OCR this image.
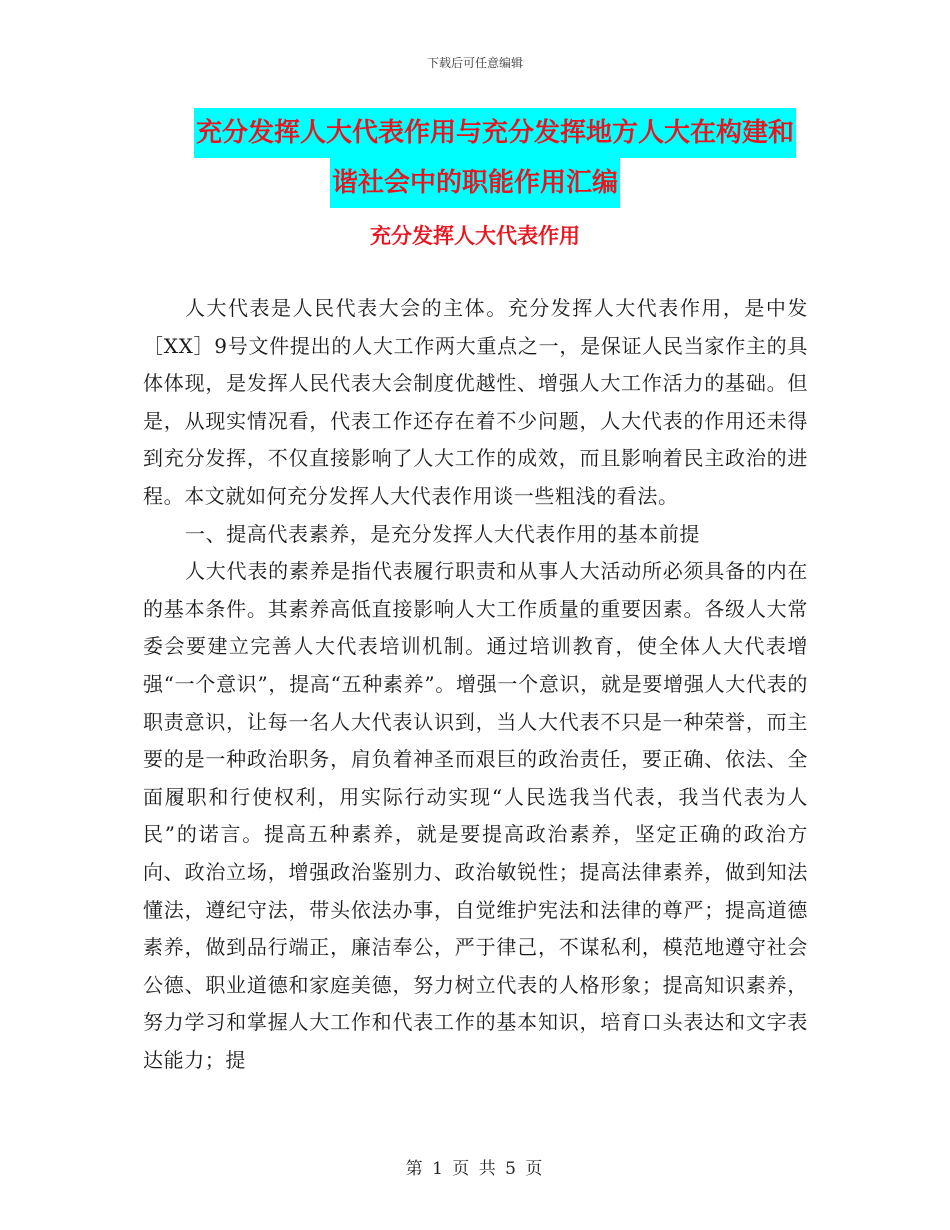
下载后可任意编辑
充分发挥人大代表作用与充分发挥地方人大在构建和
谐社会中的职能作用汇编
充分发挥人大代表作用

人大代表是人民代表大会的主体。充分发挥人大代表作用，是中发［XX］9号文件提出的人大工作两大重点之一，是保证人民当家作主的具体体现，是发挥人民代表大会制度优越性、增强人大工作活力的基础。但是，从现实情况看，代表工作还存在着不少问题，人大代表的作用还未得到充分发挥，不仅直接影响了人大工作的成效，而且影响着民主政治的进程。本文就如何充分发挥人大代表作用谈一些粗浅的看法。

一、提高代表素养，是充分发挥人大代表作用的基本前提

人大代表的素养是指代表履行职责和从事人大活动所必须具备的内在的基本条件。其素养高低直接影响人大工作质量的重要因素。各级人大常委会要建立完善人大代表培训机制。通过培训教育，使全体人大代表增强“一个意识”，提高“五种素养”。增强一个意识，就是要增强人大代表的职责意识，让每一名人大代表认识到，当人大代表不只是一种荣誉，而主要的是一种政治职务，肩负着神圣而艰巨的政治责任，要正确、依法、全面履职和行使权利，用实际行动实现“人民选我当代表，我当代表为人民”的诺言。提高五种素养，就是要提高政治素养，坚定正确的政治方向、政治立场，增强政治鉴别力、政治敏锐性；提高法律素养，做到知法懂法，遵纪守法，带头依法办事，自觉维护宪法和法律的尊严；提高道德素养，做到品行端正，廉洁奉公，严于律己，不谋私利，模范地遵守社会公德、职业道德和家庭美德，努力树立代表的人格形象；提高知识素养，努力学习和掌握人大工作和代表工作的基本知识，培育口头表达和文字表达能力；提

第 1 页 共 5 页
